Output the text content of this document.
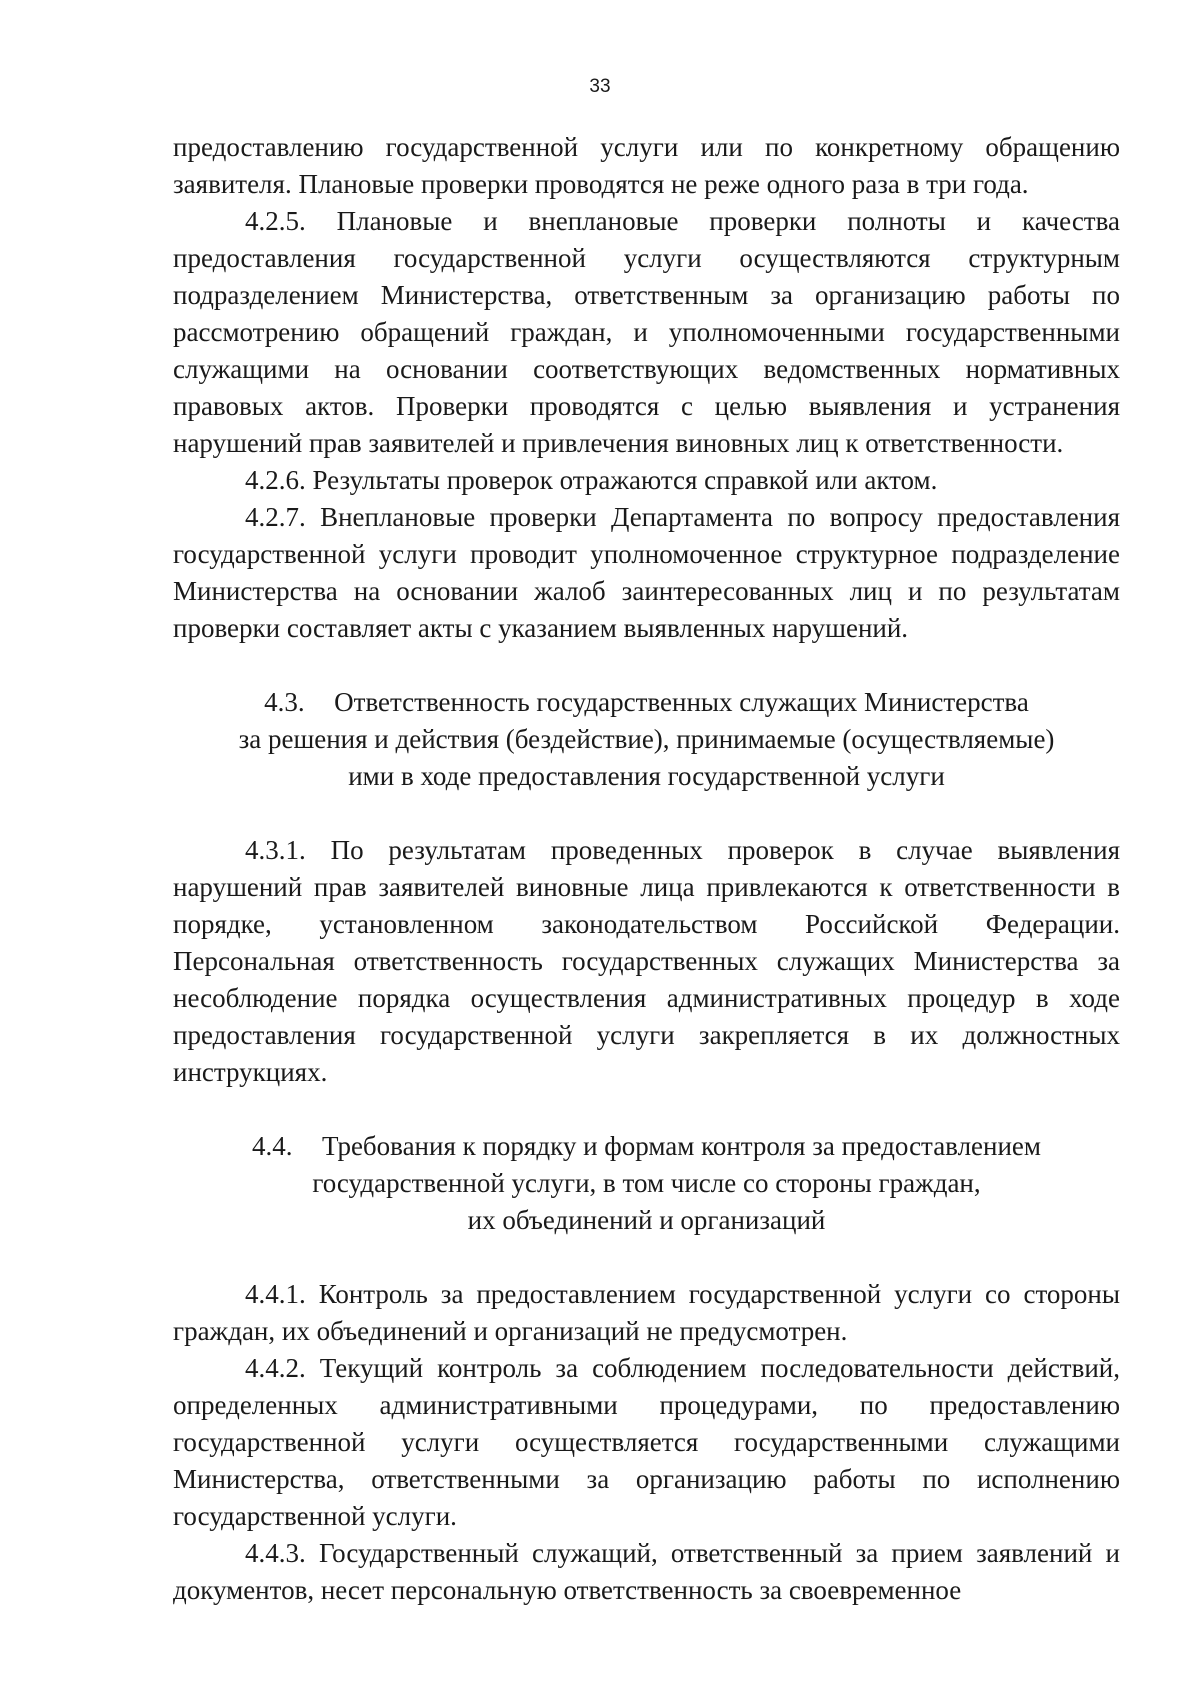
33

предоставлению государственной услуги или по конкретному обращению заявителя. Плановые проверки проводятся не реже одного раза в три года.

4.2.5. Плановые и внеплановые проверки полноты и качества предоставления государственной услуги осуществляются структурным подразделением Министерства, ответственным за организацию работы по рассмотрению обращений граждан, и уполномоченными государственными служащими на основании соответствующих ведомственных нормативных правовых актов. Проверки проводятся с целью выявления и устранения нарушений прав заявителей и привлечения виновных лиц к ответственности.

4.2.6. Результаты проверок отражаются справкой или актом.

4.2.7. Внеплановые проверки Департамента по вопросу предоставления государственной услуги проводит уполномоченное структурное подразделение Министерства на основании жалоб заинтересованных лиц и по результатам проверки составляет акты с указанием выявленных нарушений.

4.3. Ответственность государственных служащих Министерства

за решения и действия (бездействие), принимаемые (осуществляемые)

ими в ходе предоставления государственной услуги

4.3.1. По результатам проведенных проверок в случае выявления нарушений прав заявителей виновные лица привлекаются к ответственности в порядке, установленном законодательством Российской Федерации. Персональная ответственность государственных служащих Министерства за несоблюдение порядка осуществления административных процедур в ходе предоставления государственной услуги закрепляется в их должностных инструкциях.

4.4. Требования к порядку и формам контроля за предоставлением

государственной услуги, в том числе со стороны граждан,

их объединений и организаций

4.4.1. Контроль за предоставлением государственной услуги со стороны граждан, их объединений и организаций не предусмотрен.

4.4.2. Текущий контроль за соблюдением последовательности действий, определенных административными процедурами, по предоставлению государственной услуги осуществляется государственными служащими Министерства, ответственными за организацию работы по исполнению государственной услуги.

4.4.3. Государственный служащий, ответственный за прием заявлений и документов, несет персональную ответственность за своевременное
